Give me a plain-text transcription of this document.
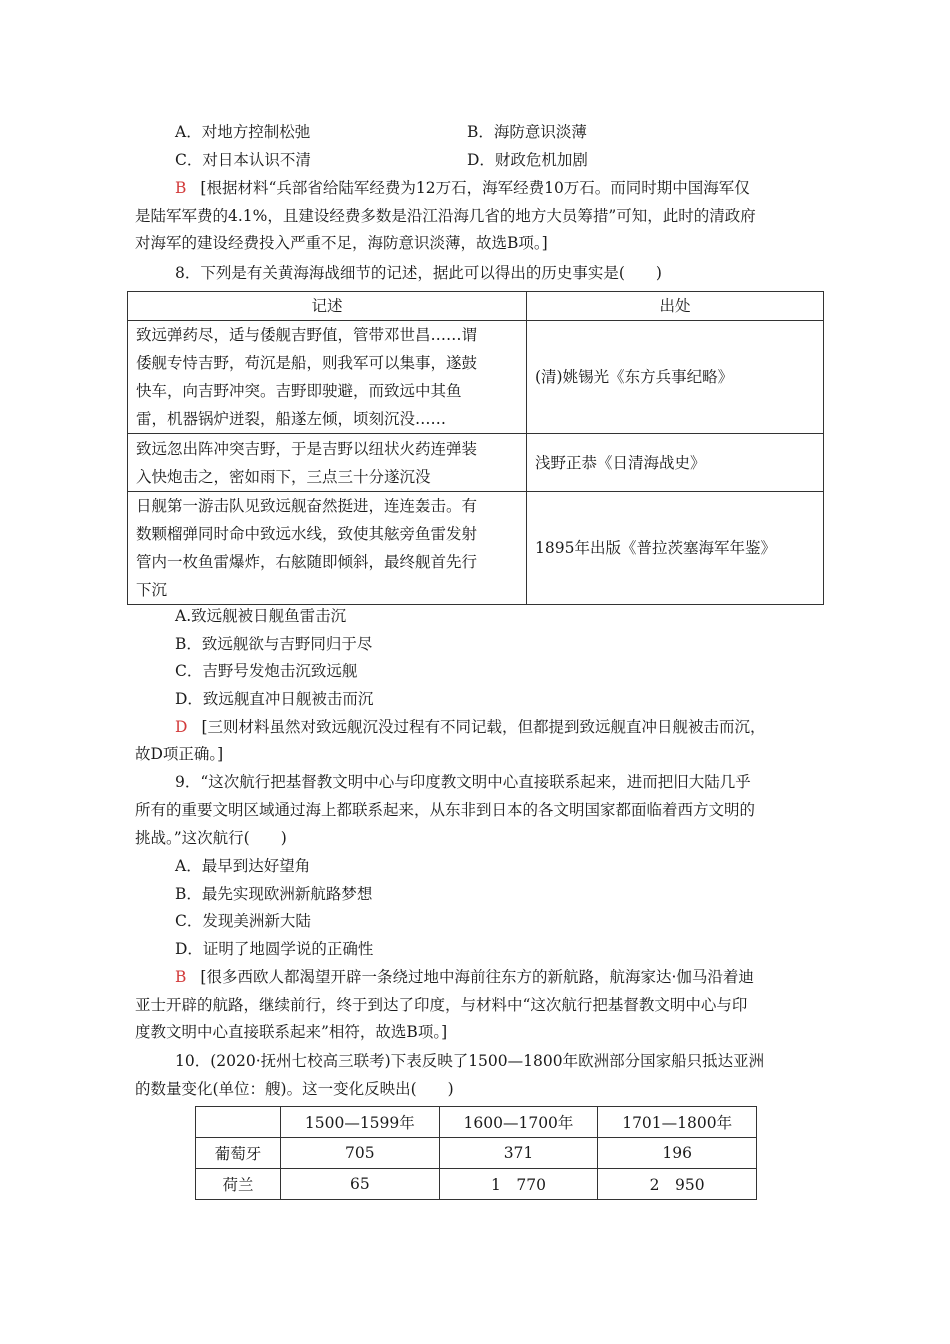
A．对地方控制松弛	B．海防意识淡薄
C．对日本认识不清	D．财政危机加剧
B [根据材料“兵部省给陆军经费为12万石，海军经费10万石。而同时期中国海军仅
是陆军军费的4.1%，且建设经费多数是沿江沿海几省的地方大员筹措”可知，此时的清政府
对海军的建设经费投入严重不足，海防意识淡薄，故选B项。]
8．下列是有关黄海海战细节的记述，据此可以得出的历史事实是(　　)
记述	出处

致远弹药尽，适与倭舰吉野值，管带邓世昌……谓
倭舰专恃吉野，苟沉是船，则我军可以集事，遂鼓
快车，向吉野冲突。吉野即驶避，而致远中其鱼
雷，机器锅炉迸裂，船遂左倾，顷刻沉没……	(清)姚锡光《东方兵事纪略》

致远忽出阵冲突吉野，于是吉野以纽状火药连弹装
入快炮击之，密如雨下，三点三十分遂沉没	浅野正恭《日清海战史》

日舰第一游击队见致远舰奋然挺进，连连轰击。有
数颗榴弹同时命中致远水线，致使其舷旁鱼雷发射
管内一枚鱼雷爆炸，右舷随即倾斜，最终舰首先行
下沉	1895年出版《普拉茨塞海军年鉴》
A.致远舰被日舰鱼雷击沉
B．致远舰欲与吉野同归于尽
C．吉野号发炮击沉致远舰
D．致远舰直冲日舰被击而沉
D [三则材料虽然对致远舰沉没过程有不同记载，但都提到致远舰直冲日舰被击而沉，
故D项正确。]
9．“这次航行把基督教文明中心与印度教文明中心直接联系起来，进而把旧大陆几乎
所有的重要文明区域通过海上都联系起来，从东非到日本的各文明国家都面临着西方文明的
挑战。”这次航行(　　)
A．最早到达好望角
B．最先实现欧洲新航路梦想
C．发现美洲新大陆
D．证明了地圆学说的正确性
B [很多西欧人都渴望开辟一条绕过地中海前往东方的新航路，航海家达·伽马沿着迪
亚士开辟的航路，继续前行，终于到达了印度，与材料中“这次航行把基督教文明中心与印
度教文明中心直接联系起来”相符，故选B项。]
10．(2020·抚州七校高三联考)下表反映了1500—1800年欧洲部分国家船只抵达亚洲
的数量变化(单位：艘)。这一变化反映出(　　)
	1500—1599年	1600—1700年	1701—1800年
葡萄牙	705	371	196
荷兰	65	1　770	2　950
